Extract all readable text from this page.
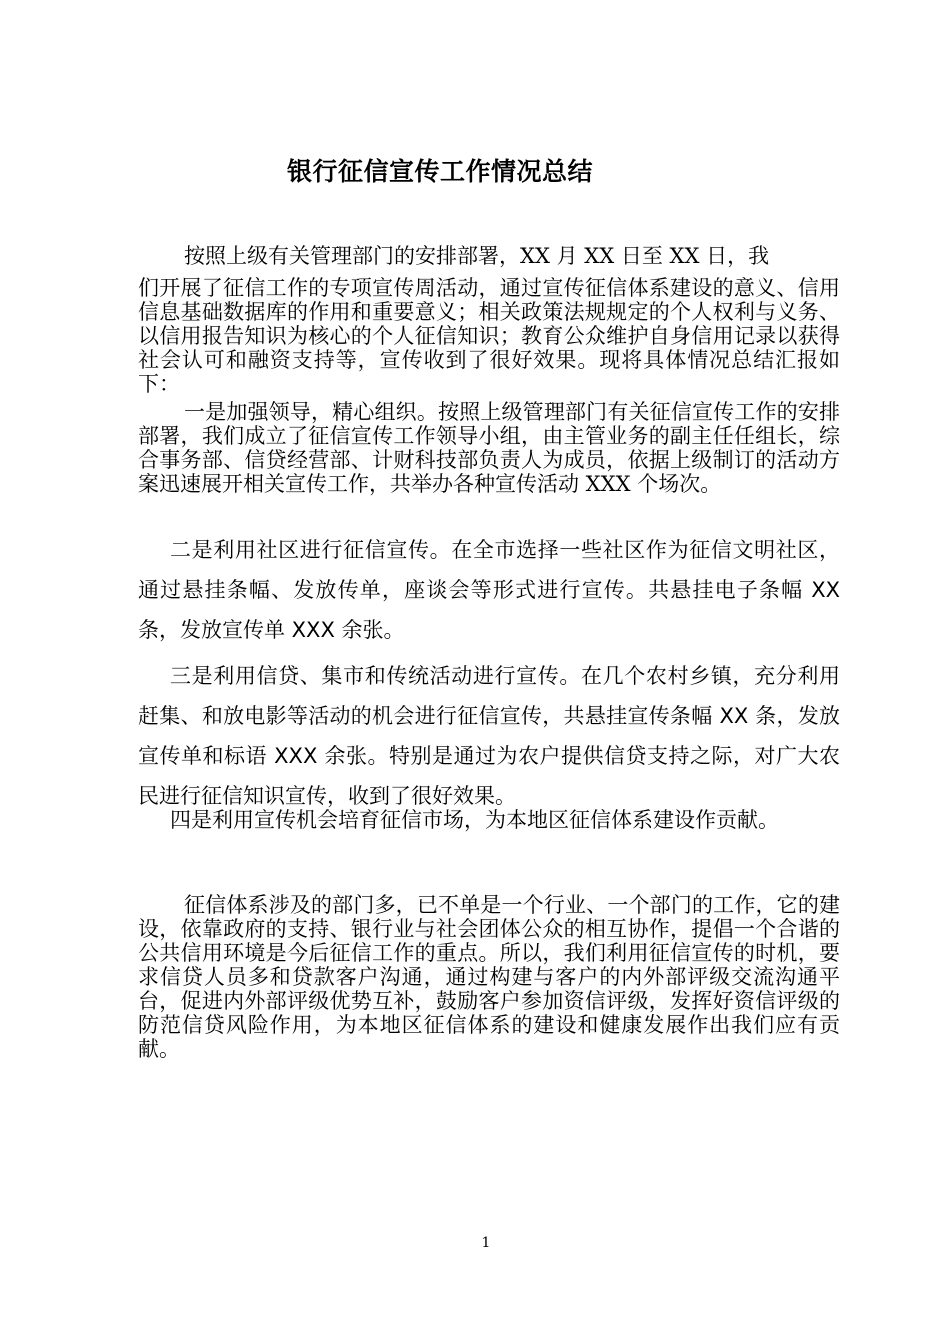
银行征信宣传工作情况总结

按照上级有关管理部门的安排部署，XX 月 XX 日至 XX 日，我
们开展了征信工作的专项宣传周活动，通过宣传征信体系建设的意义、信用信息基础数据库的作用和重要意义；相关政策法规规定的个人权利与义务、以信用报告知识为核心的个人征信知识；教育公众维护自身信用记录以获得社会认可和融资支持等，宣传收到了很好效果。现将具体情况总结汇报如下：

一是加强领导，精心组织。按照上级管理部门有关征信宣传工作的安排部署，我们成立了征信宣传工作领导小组，由主管业务的副主任任组长，综合事务部、信贷经营部、计财科技部负责人为成员，依据上级制订的活动方案迅速展开相关宣传工作，共举办各种宣传活动 XXX 个场次。

二是利用社区进行征信宣传。在全市选择一些社区作为征信文明社区，通过悬挂条幅、发放传单，座谈会等形式进行宣传。共悬挂电子条幅 XX 条，发放宣传单 XXX 余张。

三是利用信贷、集市和传统活动进行宣传。在几个农村乡镇，充分利用赶集、和放电影等活动的机会进行征信宣传，共悬挂宣传条幅 XX 条，发放宣传单和标语 XXX 余张。特别是通过为农户提供信贷支持之际，对广大农民进行征信知识宣传，收到了很好效果。

四是利用宣传机会培育征信市场，为本地区征信体系建设作贡献。

征信体系涉及的部门多，已不单是一个行业、一个部门的工作，它的建设，依靠政府的支持、银行业与社会团体公众的相互协作，提倡一个合谐的公共信用环境是今后征信工作的重点。所以，我们利用征信宣传的时机，要求信贷人员多和贷款客户沟通，通过构建与客户的内外部评级交流沟通平台，促进内外部评级优势互补，鼓励客户参加资信评级，发挥好资信评级的防范信贷风险作用，为本地区征信体系的建设和健康发展作出我们应有贡献。

1
